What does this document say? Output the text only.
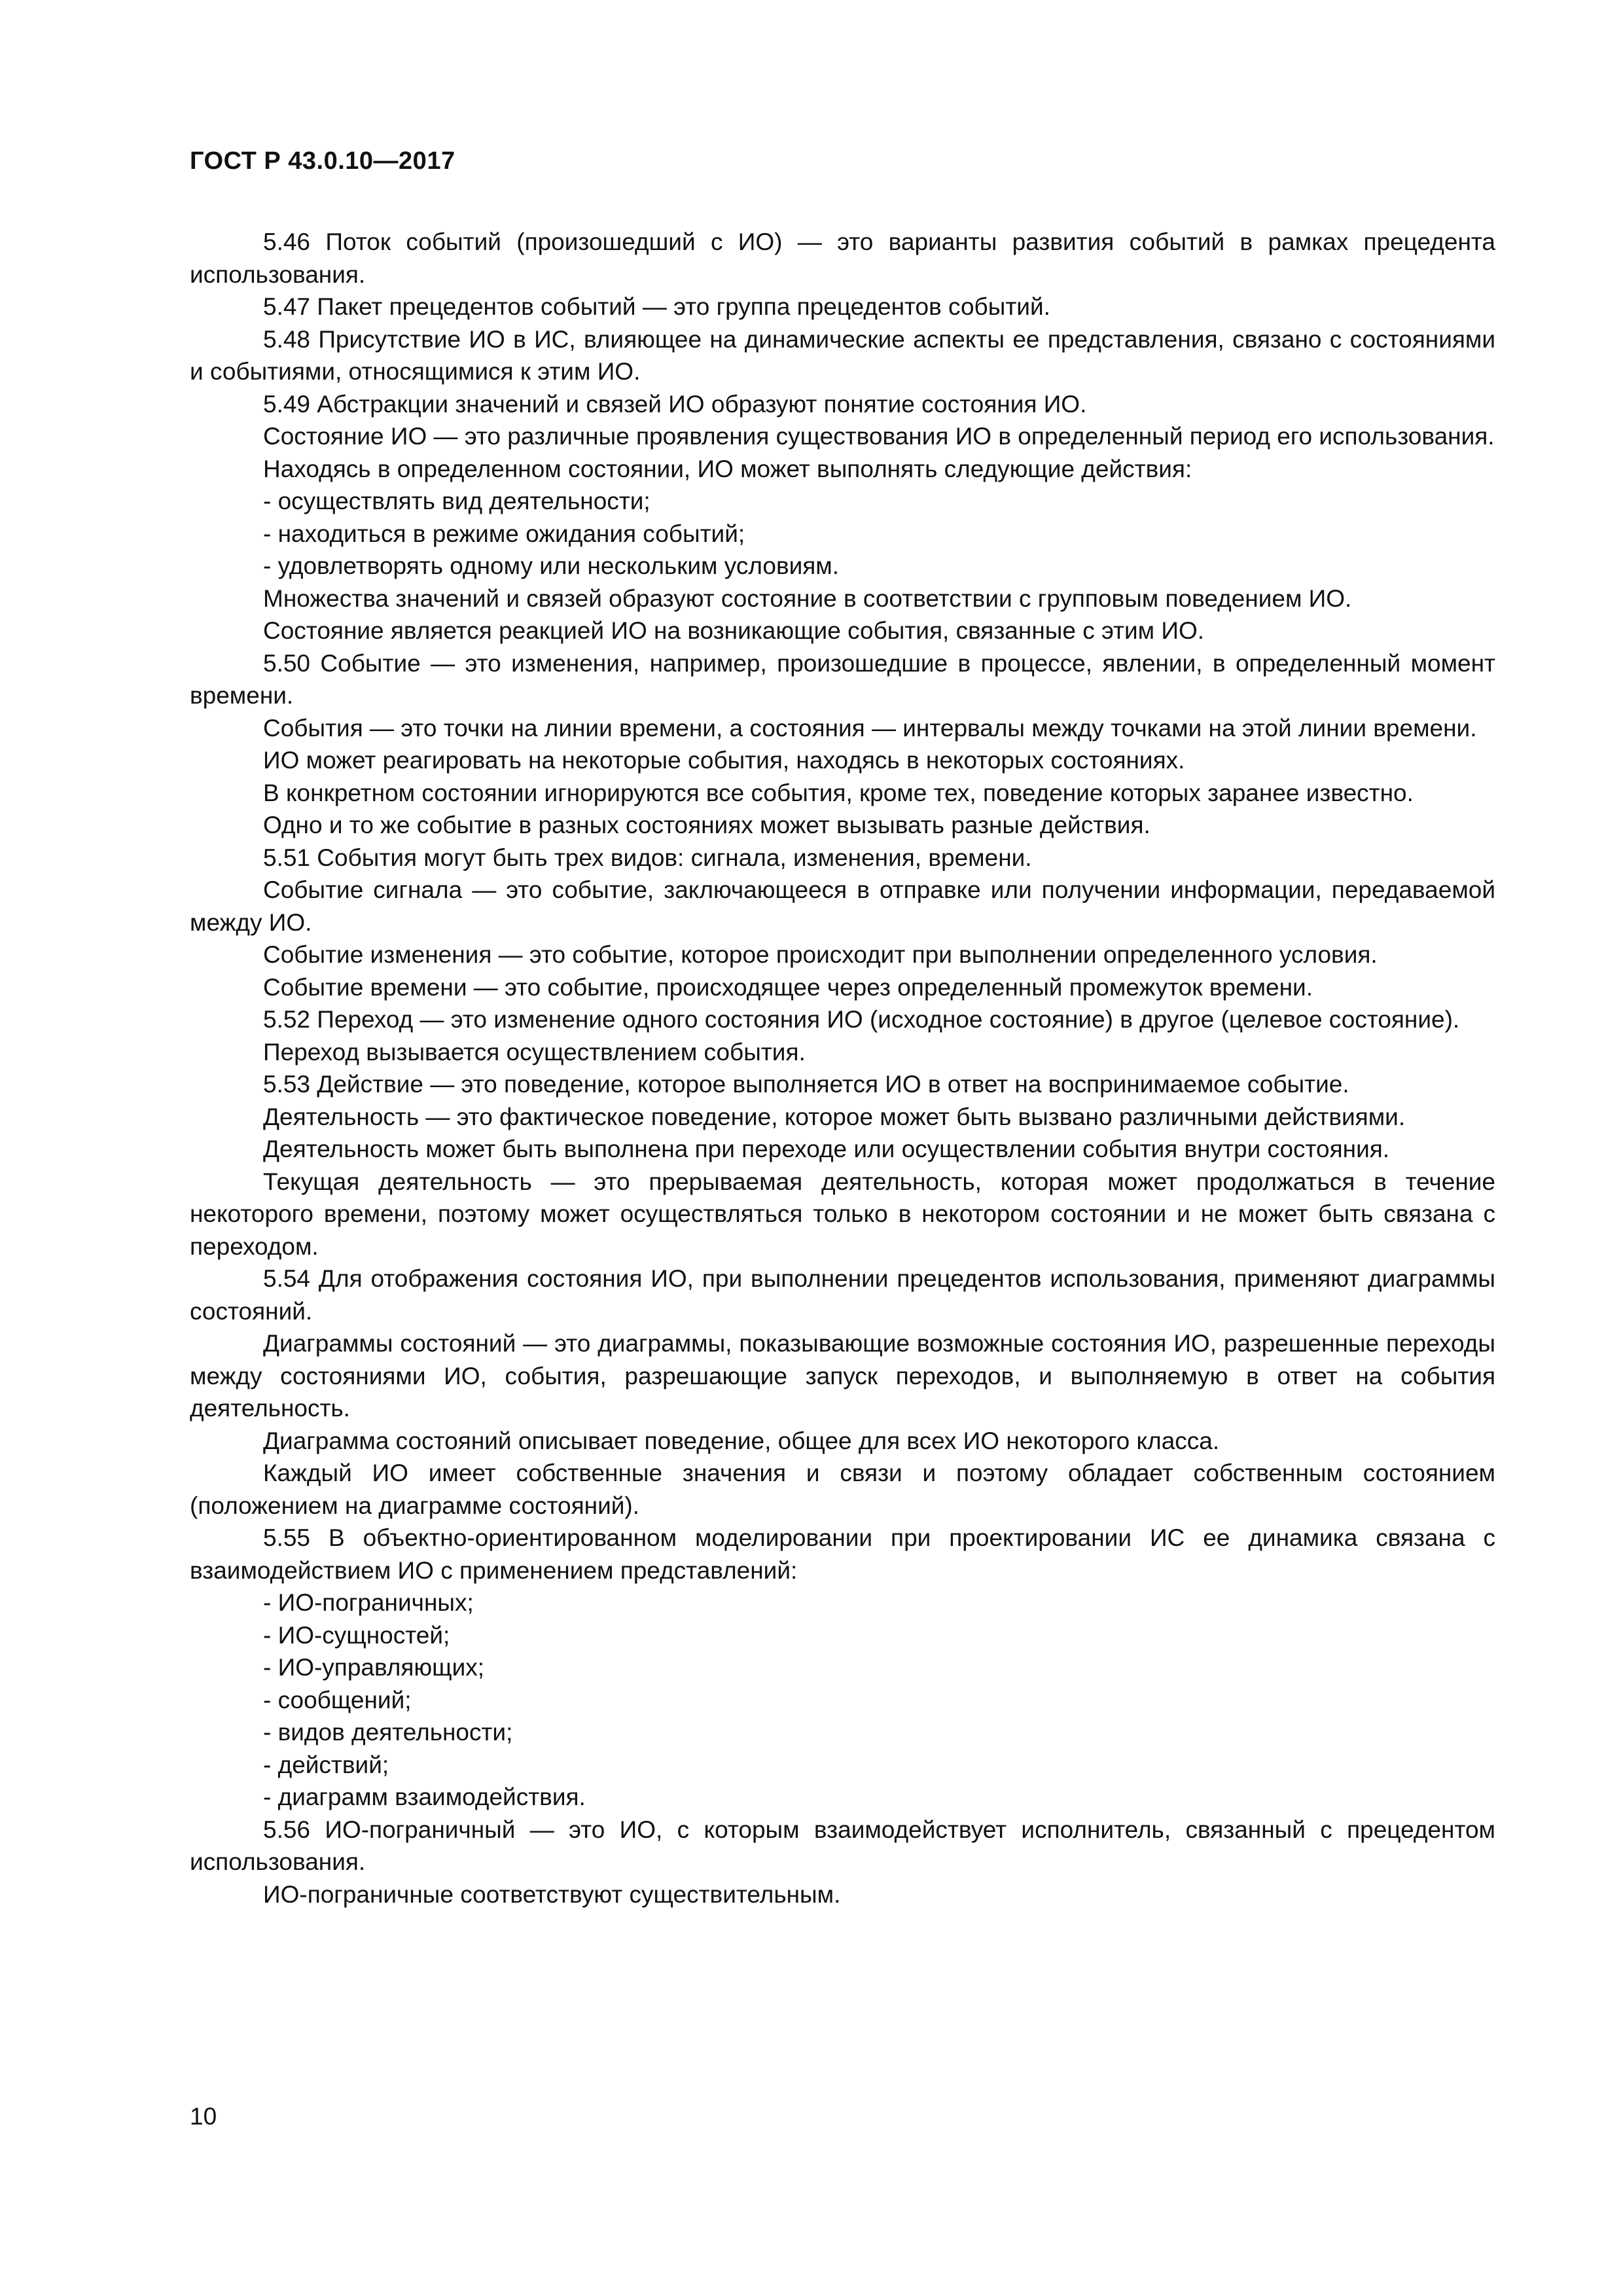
ГОСТ Р 43.0.10—2017

5.46 Поток событий (произошедший с ИО) — это варианты развития событий в рамках прецедента использования.

5.47 Пакет прецедентов событий — это группа прецедентов событий.

5.48 Присутствие ИО в ИС, влияющее на динамические аспекты ее представления, связано с состояниями и событиями, относящимися к этим ИО.

5.49 Абстракции значений и связей ИО образуют понятие состояния ИО.

Состояние ИО — это различные проявления существования ИО в определенный период его использования.

Находясь в определенном состоянии, ИО может выполнять следующие действия:

- осуществлять вид деятельности;
- находиться в режиме ожидания событий;
- удовлетворять одному или нескольким условиям.

Множества значений и связей образуют состояние в соответствии с групповым поведением ИО.

Состояние является реакцией ИО на возникающие события, связанные с этим ИО.

5.50 Событие — это изменения, например, произошедшие в процессе, явлении, в определенный момент времени.

События — это точки на линии времени, а состояния — интервалы между точками на этой линии времени.

ИО может реагировать на некоторые события, находясь в некоторых состояниях.

В конкретном состоянии игнорируются все события, кроме тех, поведение которых заранее известно.

Одно и то же событие в разных состояниях может вызывать разные действия.

5.51 События могут быть трех видов: сигнала, изменения, времени.

Событие сигнала — это событие, заключающееся в отправке или получении информации, передаваемой между ИО.

Событие изменения — это событие, которое происходит при выполнении определенного условия.

Событие времени — это событие, происходящее через определенный промежуток времени.

5.52 Переход — это изменение одного состояния ИО (исходное состояние) в другое (целевое состояние).

Переход вызывается осуществлением события.

5.53 Действие — это поведение, которое выполняется ИО в ответ на воспринимаемое событие.

Деятельность — это фактическое поведение, которое может быть вызвано различными действиями.

Деятельность может быть выполнена при переходе или осуществлении события внутри состояния.

Текущая деятельность — это прерываемая деятельность, которая может продолжаться в течение некоторого времени, поэтому может осуществляться только в некотором состоянии и не может быть связана с переходом.

5.54 Для отображения состояния ИО, при выполнении прецедентов использования, применяют диаграммы состояний.

Диаграммы состояний — это диаграммы, показывающие возможные состояния ИО, разрешенные переходы между состояниями ИО, события, разрешающие запуск переходов, и выполняемую в ответ на события деятельность.

Диаграмма состояний описывает поведение, общее для всех ИО некоторого класса.

Каждый ИО имеет собственные значения и связи и поэтому обладает собственным состоянием (положением на диаграмме состояний).

5.55 В объектно-ориентированном моделировании при проектировании ИС ее динамика связана с взаимодействием ИО с применением представлений:

- ИО-пограничных;
- ИО-сущностей;
- ИО-управляющих;
- сообщений;
- видов деятельности;
- действий;
- диаграмм взаимодействия.

5.56 ИО-пограничный — это ИО, с которым взаимодействует исполнитель, связанный с прецедентом использования.

ИО-пограничные соответствуют существительным.

10
